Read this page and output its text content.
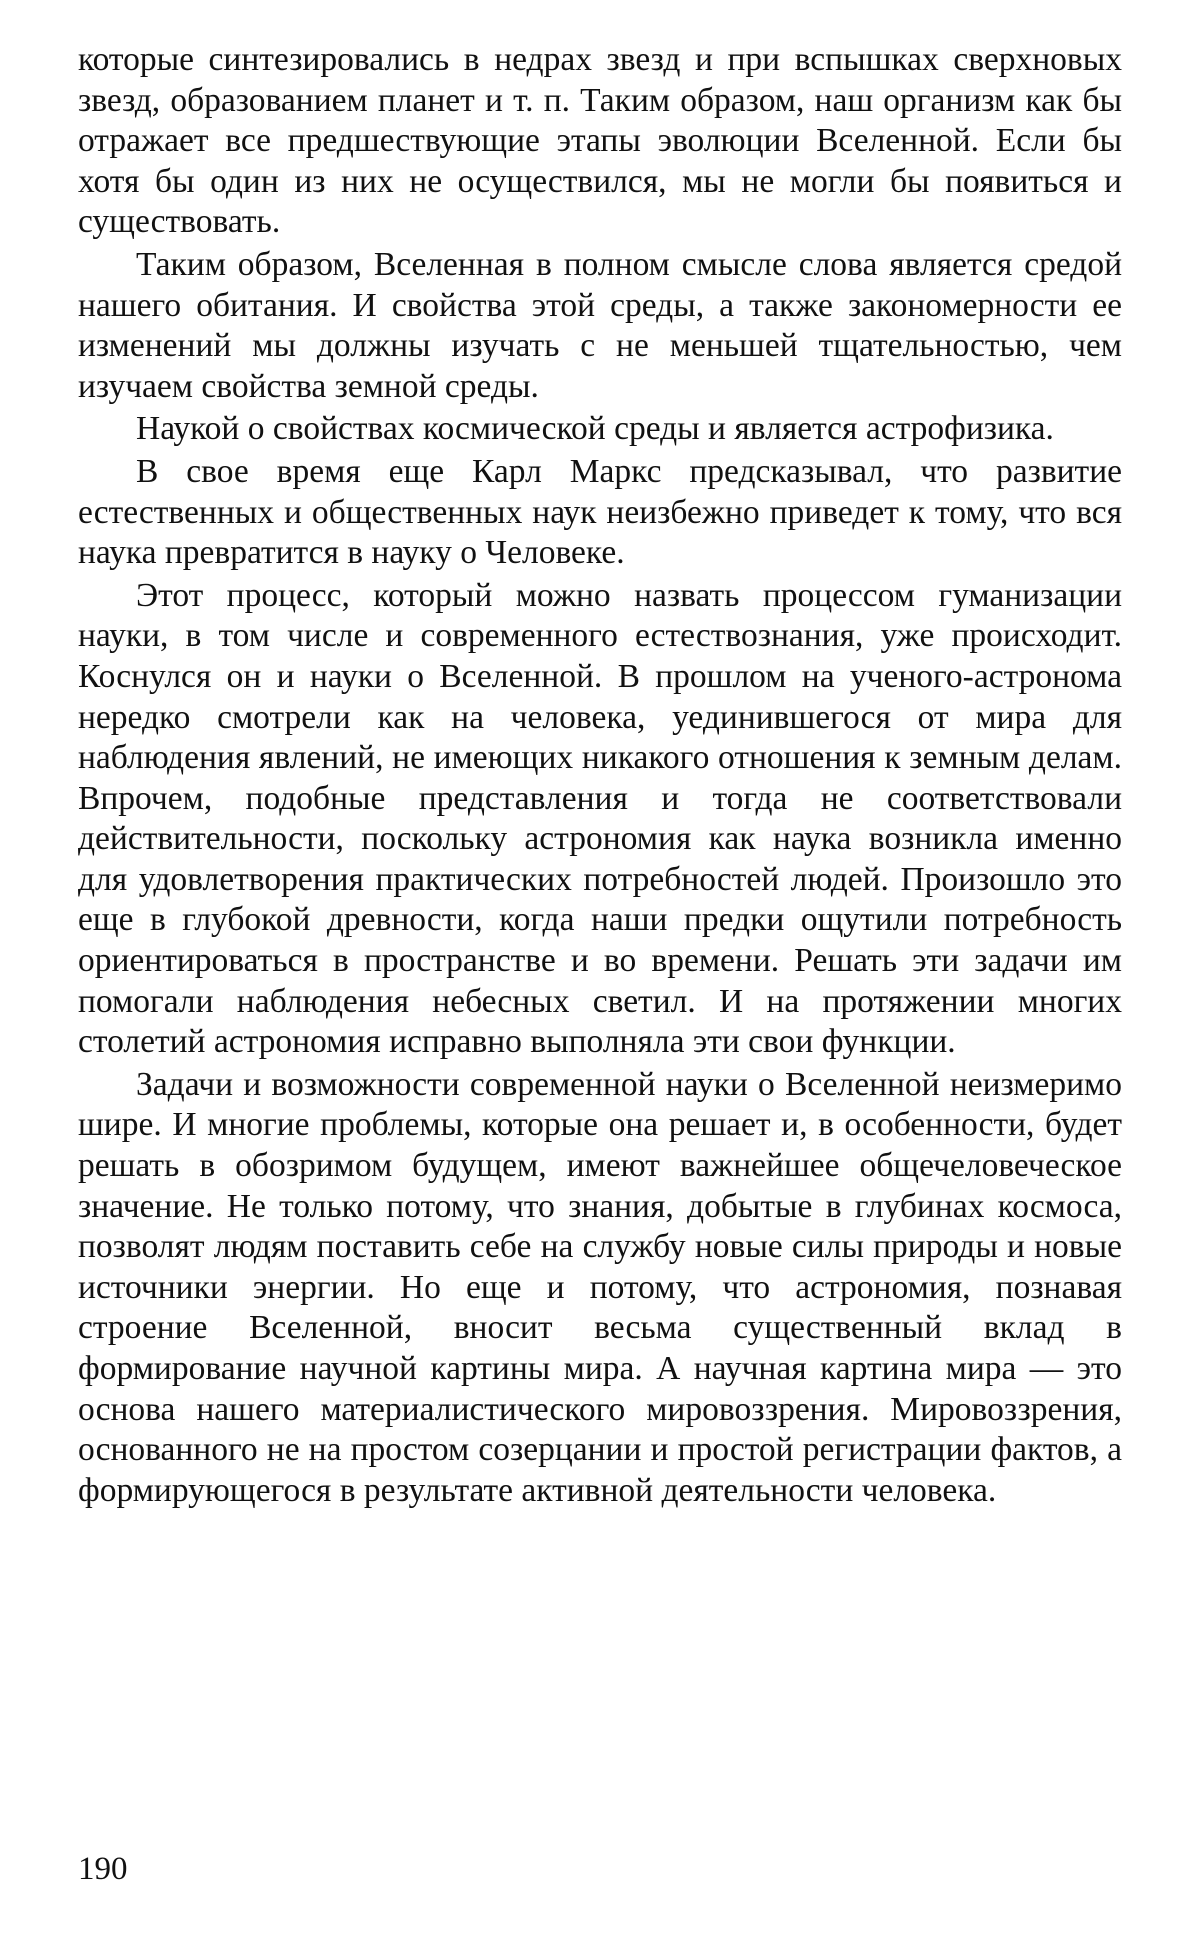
которые синтезировались в недрах звезд и при вспышках сверхновых звезд, образованием планет и т. п. Таким образом, наш организм как бы отражает все предшествующие этапы эволюции Вселенной. Если бы хотя бы один из них не осуществился, мы не могли бы появиться и существовать.

Таким образом, Вселенная в полном смысле слова является средой нашего обитания. И свойства этой среды, а также закономерности ее изменений мы должны изучать с не меньшей тщательностью, чем изучаем свойства земной среды.

Наукой о свойствах космической среды и является астрофизика.

В свое время еще Карл Маркс предсказывал, что развитие естественных и общественных наук неизбежно приведет к тому, что вся наука превратится в науку о Человеке.

Этот процесс, который можно назвать процессом гуманизации науки, в том числе и современного естествознания, уже происходит. Коснулся он и науки о Вселенной. В прошлом на ученого-астронома нередко смотрели как на человека, уединившегося от мира для наблюдения явлений, не имеющих никакого отношения к земным делам. Впрочем, подобные представления и тогда не соответствовали действительности, поскольку астрономия как наука возникла именно для удовлетворения практических потребностей людей. Произошло это еще в глубокой древности, когда наши предки ощутили потребность ориентироваться в пространстве и во времени. Решать эти задачи им помогали наблюдения небесных светил. И на протяжении многих столетий астрономия исправно выполняла эти свои функции.

Задачи и возможности современной науки о Вселенной неизмеримо шире. И многие проблемы, которые она решает и, в особенности, будет решать в обозримом будущем, имеют важнейшее общечеловеческое значение. Не только потому, что знания, добытые в глубинах космоса, позволят людям поставить себе на службу новые силы природы и новые источники энергии. Но еще и потому, что астрономия, познавая строение Вселенной, вносит весьма существенный вклад в формирование научной картины мира. А научная картина мира — это основа нашего материалистического мировоззрения. Мировоззрения, основанного не на простом созерцании и простой регистрации фактов, а формирующегося в результате активной деятельности человека.

190
